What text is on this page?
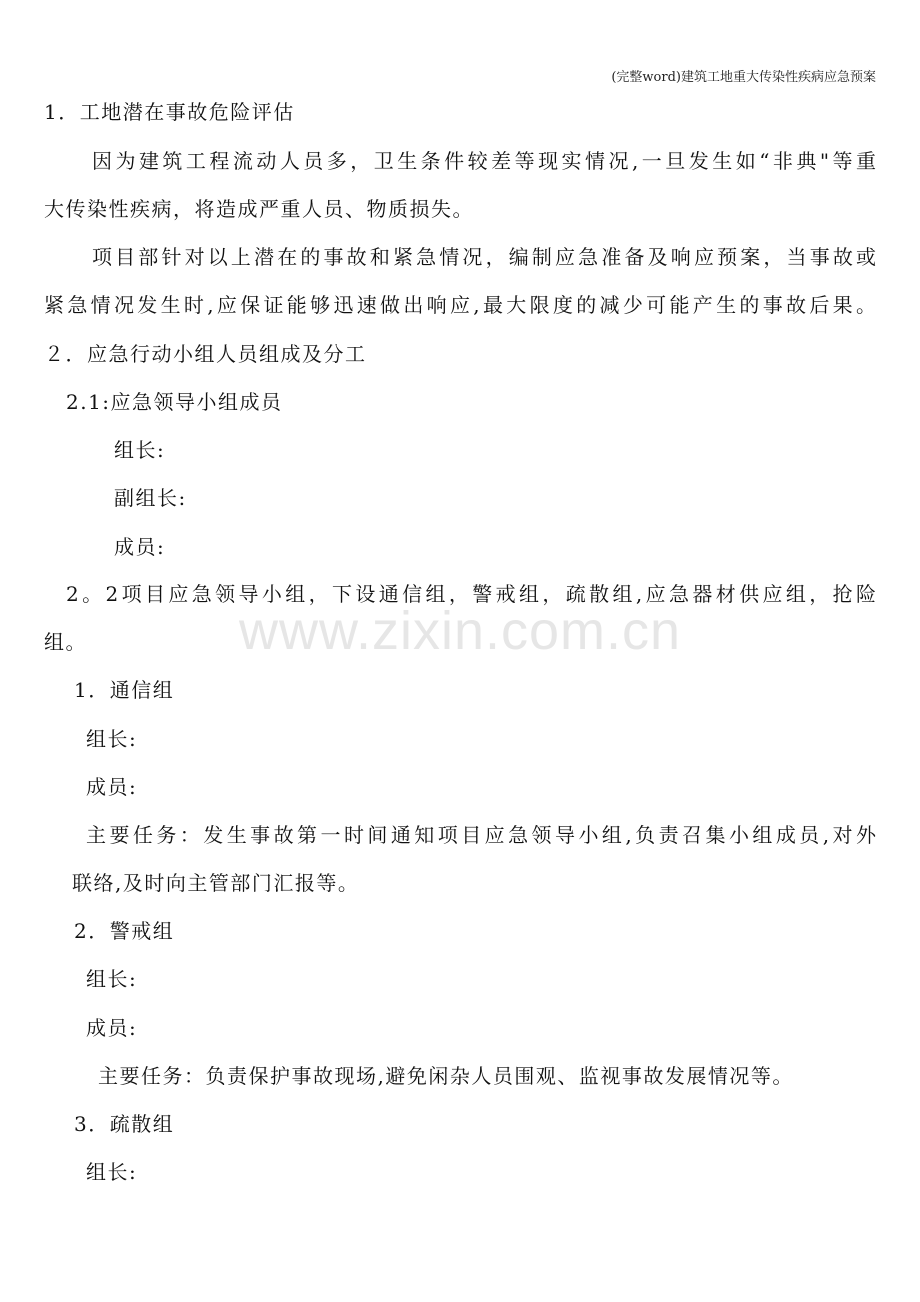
(完整word)建筑工地重大传染性疾病应急预案
www.zixin.com.cn
1．工地潜在事故危险评估
因为建筑工程流动人员多，卫生条件较差等现实情况,一旦发生如“非典"等重
大传染性疾病，将造成严重人员、物质损失。
项目部针对以上潜在的事故和紧急情况，编制应急准备及响应预案，当事故或
紧急情况发生时,应保证能够迅速做出响应,最大限度的减少可能产生的事故后果。
２．应急行动小组人员组成及分工
2.1:应急领导小组成员
组长:
副组长:
成员:
2。2项目应急领导小组，下设通信组，警戒组，疏散组,应急器材供应组，抢险
组。
1．通信组
组长:
成员:
主要任务：发生事故第一时间通知项目应急领导小组,负责召集小组成员,对外
联络,及时向主管部门汇报等。
2．警戒组
组长:
成员:
主要任务：负责保护事故现场,避免闲杂人员围观、监视事故发展情况等。
3．疏散组
组长:
